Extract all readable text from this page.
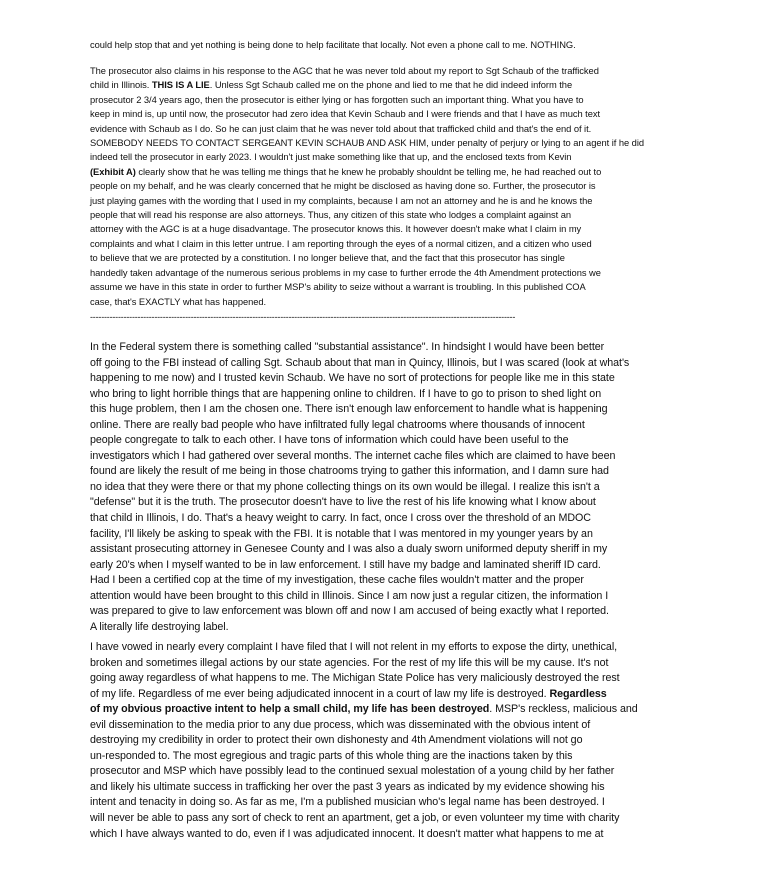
could help stop that and yet nothing is being done to help facilitate that locally. Not even a phone call to me. NOTHING.

The prosecutor also claims in his response to the AGC that he was never told about my report to Sgt Schaub of the trafficked
child in Illinois. THIS IS A LIE. Unless Sgt Schaub called me on the phone and lied to me that he did indeed inform the
prosecutor 2 3/4 years ago, then the prosecutor is either lying or has forgotten such an important thing. What you have to
keep in mind is, up until now, the prosecutor had zero idea that Kevin Schaub and I were friends and that I have as much text
evidence with Schaub as I do. So he can just claim that he was never told about that trafficked child and that's the end of it.
SOMEBODY NEEDS TO CONTACT SERGEANT KEVIN SCHAUB AND ASK HIM, under penalty of perjury or lying to an agent if he did
indeed tell the prosecutor in early 2023. I wouldn't just make something like that up, and the enclosed texts from Kevin
(Exhibit A) clearly show that he was telling me things that he knew he probably shouldnt be telling me, he had reached out to
people on my behalf, and he was clearly concerned that he might be disclosed as having done so. Further, the prosecutor is
just playing games with the wording that I used in my complaints, because I am not an attorney and he is and he knows the
people that will read his response are also attorneys. Thus, any citizen of this state who lodges a complaint against an
attorney with the AGC is at a huge disadvantage. The prosecutor knows this. It however doesn't make what I claim in my
complaints and what I claim in this letter untrue. I am reporting through the eyes of a normal citizen, and a citizen who used
to believe that we are protected by a constitution. I no longer believe that, and the fact that this prosecutor has single
handedly taken advantage of the numerous serious problems in my case to further errode the 4th Amendment protections we
assume we have in this state in order to further MSP's ability to seize without a warrant is troubling. In this published COA
case, that's EXACTLY what has happened.

--------------------------------------------------------------------------------------------------------------------------------------------------------

In the Federal system there is something called "substantial assistance". In hindsight I would have been better
off going to the FBI instead of calling Sgt. Schaub about that man in Quincy, Illinois, but I was scared (look at what's
happening to me now) and I trusted kevin Schaub. We have no sort of protections for people like me in this state
who bring to light horrible things that are happening online to children. If I have to go to prison to shed light on
this huge problem, then I am the chosen one. There isn't enough law enforcement to handle what is happening
online. There are really bad people who have infiltrated fully legal chatrooms where thousands of innocent
people congregate to talk to each other. I have tons of information which could have been useful to the
investigators which I had gathered over several months. The internet cache files which are claimed to have been
found are likely the result of me being in those chatrooms trying to gather this information, and I damn sure had
no idea that they were there or that my phone collecting things on its own would be illegal. I realize this isn't a
"defense" but it is the truth. The prosecutor doesn't have to live the rest of his life knowing what I know about
that child in Illinois, I do. That's a heavy weight to carry. In fact, once I cross over the threshold of an MDOC
facility, I'll likely be asking to speak with the FBI. It is notable that I was mentored in my younger years by an
assistant prosecuting attorney in Genesee County and I was also a dualy sworn uniformed deputy sheriff in my
early 20's when I myself wanted to be in law enforcement. I still have my badge and laminated sheriff ID card.
Had I been a certified cop at the time of my investigation, these cache files wouldn't matter and the proper
attention would have been brought to this child in Illinois. Since I am now just a regular citizen, the information I
was prepared to give to law enforcement was blown off and now I am accused of being exactly what I reported.
A literally life destroying label.

I have vowed in nearly every complaint I have filed that I will not relent in my efforts to expose the dirty, unethical,
broken and sometimes illegal actions by our state agencies. For the rest of my life this will be my cause. It's not
going away regardless of what happens to me. The Michigan State Police has very maliciously destroyed the rest
of my life. Regardless of me ever being adjudicated innocent in a court of law my life is destroyed. Regardless
of my obvious proactive intent to help a small child, my life has been destroyed. MSP's reckless, malicious and
evil dissemination to the media prior to any due process, which was disseminated with the obvious intent of
destroying my credibility in order to protect their own dishonesty and 4th Amendment violations will not go
un-responded to. The most egregious and tragic parts of this whole thing are the inactions taken by this
prosecutor and MSP which have possibly lead to the continued sexual molestation of a young child by her father
and likely his ultimate success in trafficking her over the past 3 years as indicated by my evidence showing his
intent and tenacity in doing so. As far as me, I'm a published musician who's legal name has been destroyed. I
will never be able to pass any sort of check to rent an apartment, get a job, or even volunteer my time with charity
which I have always wanted to do, even if I was adjudicated innocent. It doesn't matter what happens to me at
